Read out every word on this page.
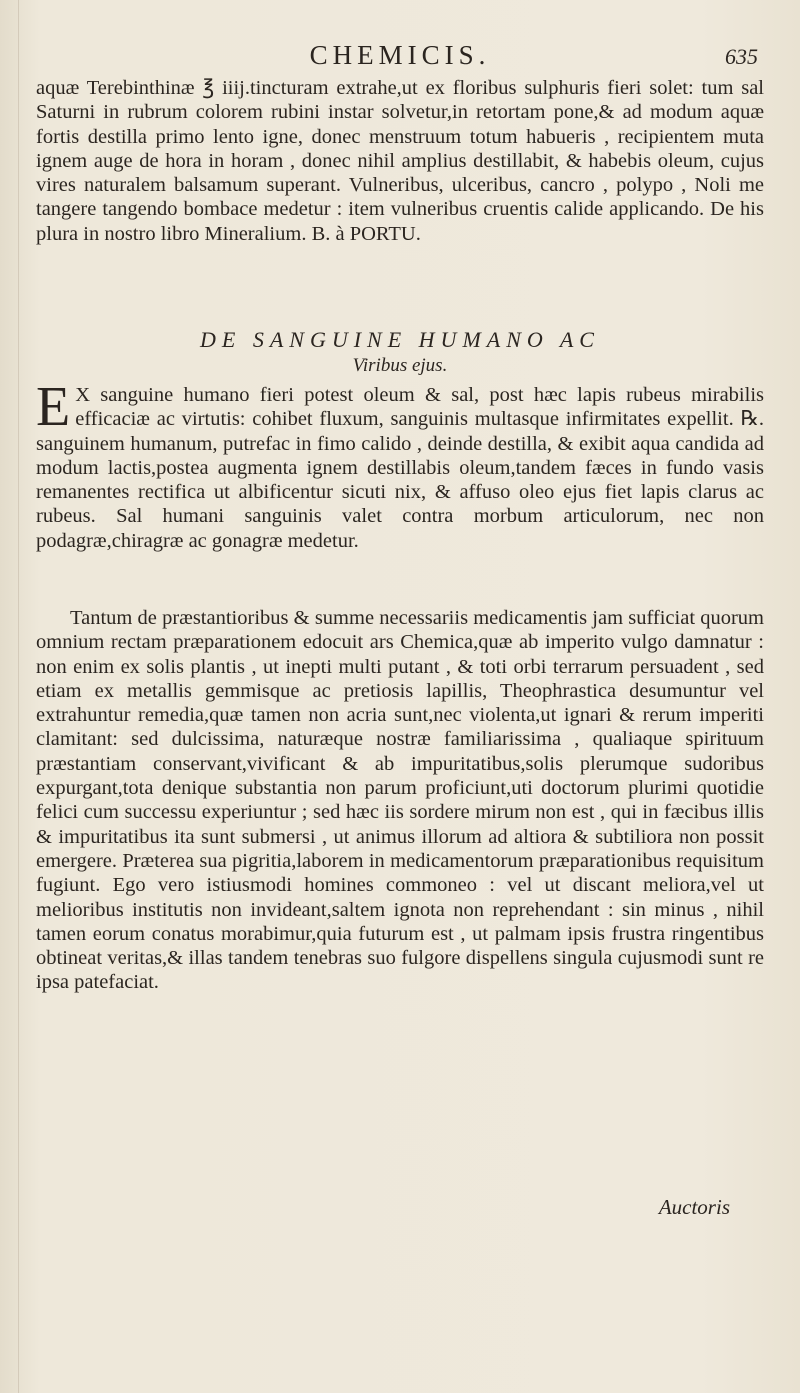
CHEMICIS.	635
aquæ Terebinthinæ ℥ iiij.tincturam extrahe,ut ex floribus sulphuris fieri solet: tum sal Saturni in rubrum colorem rubini instar solvetur,in retortam pone,& ad modum aquæ fortis destilla primo lento igne, donec menstruum totum habueris , recipientem muta ignem auge de hora in horam , donec nihil amplius destillabit, & habebis oleum, cujus vires naturalem balsamum superant. Vulneribus, ulceribus, cancro , polypo , Noli me tangere tangendo bombace medetur : item vulneribus cruentis calide applicando. De his plura in nostro libro Mineralium. B. à PORTU.
DE SANGUINE HUMANO AC
Viribus ejus.
E X sanguine humano fieri potest oleum & sal, post hæc lapis rubeus mirabilis efficaciæ ac virtutis: cohibet fluxum, sanguinis multasque infirmitates expellit. ℞. sanguinem humanum, putrefac in fimo calido , deinde destilla, & exibit aqua candida ad modum lactis,postea augmenta ignem destillabis oleum,tandem fæces in fundo vasis remanentes rectifica ut albificentur sicuti nix, & affuso oleo ejus fiet lapis clarus ac rubeus. Sal humani sanguinis valet contra morbum articulorum, nec non podagræ,chiragræ ac gonagræ medetur.
Tantum de præstantioribus & summe necessariis medicamentis jam sufficiat quorum omnium rectam præparationem edocuit ars Chemica,quæ ab imperito vulgo damnatur : non enim ex solis plantis , ut inepti multi putant , & toti orbi terrarum persuadent , sed etiam ex metallis gemmisque ac pretiosis lapillis, Theophrastica desumuntur vel extrahuntur remedia,quæ tamen non acria sunt,nec violenta,ut ignari & rerum imperiti clamitant: sed dulcissima, naturæque nostræ familiarissima , qualiaque spirituum præstantiam conservant,vivificant & ab impuritatibus,solis plerumque sudoribus expurgant,tota denique substantia non parum proficiunt,uti doctorum plurimi quotidie felici cum successu experiuntur ; sed hæc iis sordere mirum non est , qui in fæcibus illis & impuritatibus ita sunt submersi , ut animus illorum ad altiora & subtiliora non possit emergere. Præterea sua pigritia,laborem in medicamentorum præparationibus requisitum fugiunt. Ego vero istiusmodi homines commoneo : vel ut discant meliora,vel ut melioribus institutis non invideant,saltem ignota non reprehendant : sin minus , nihil tamen eorum conatus morabimur,quia futurum est , ut palmam ipsis frustra ringentibus obtineat veritas,& illas tandem tenebras suo fulgore dispellens singula cujusmodi sunt re ipsa patefaciat.
Auctoris
